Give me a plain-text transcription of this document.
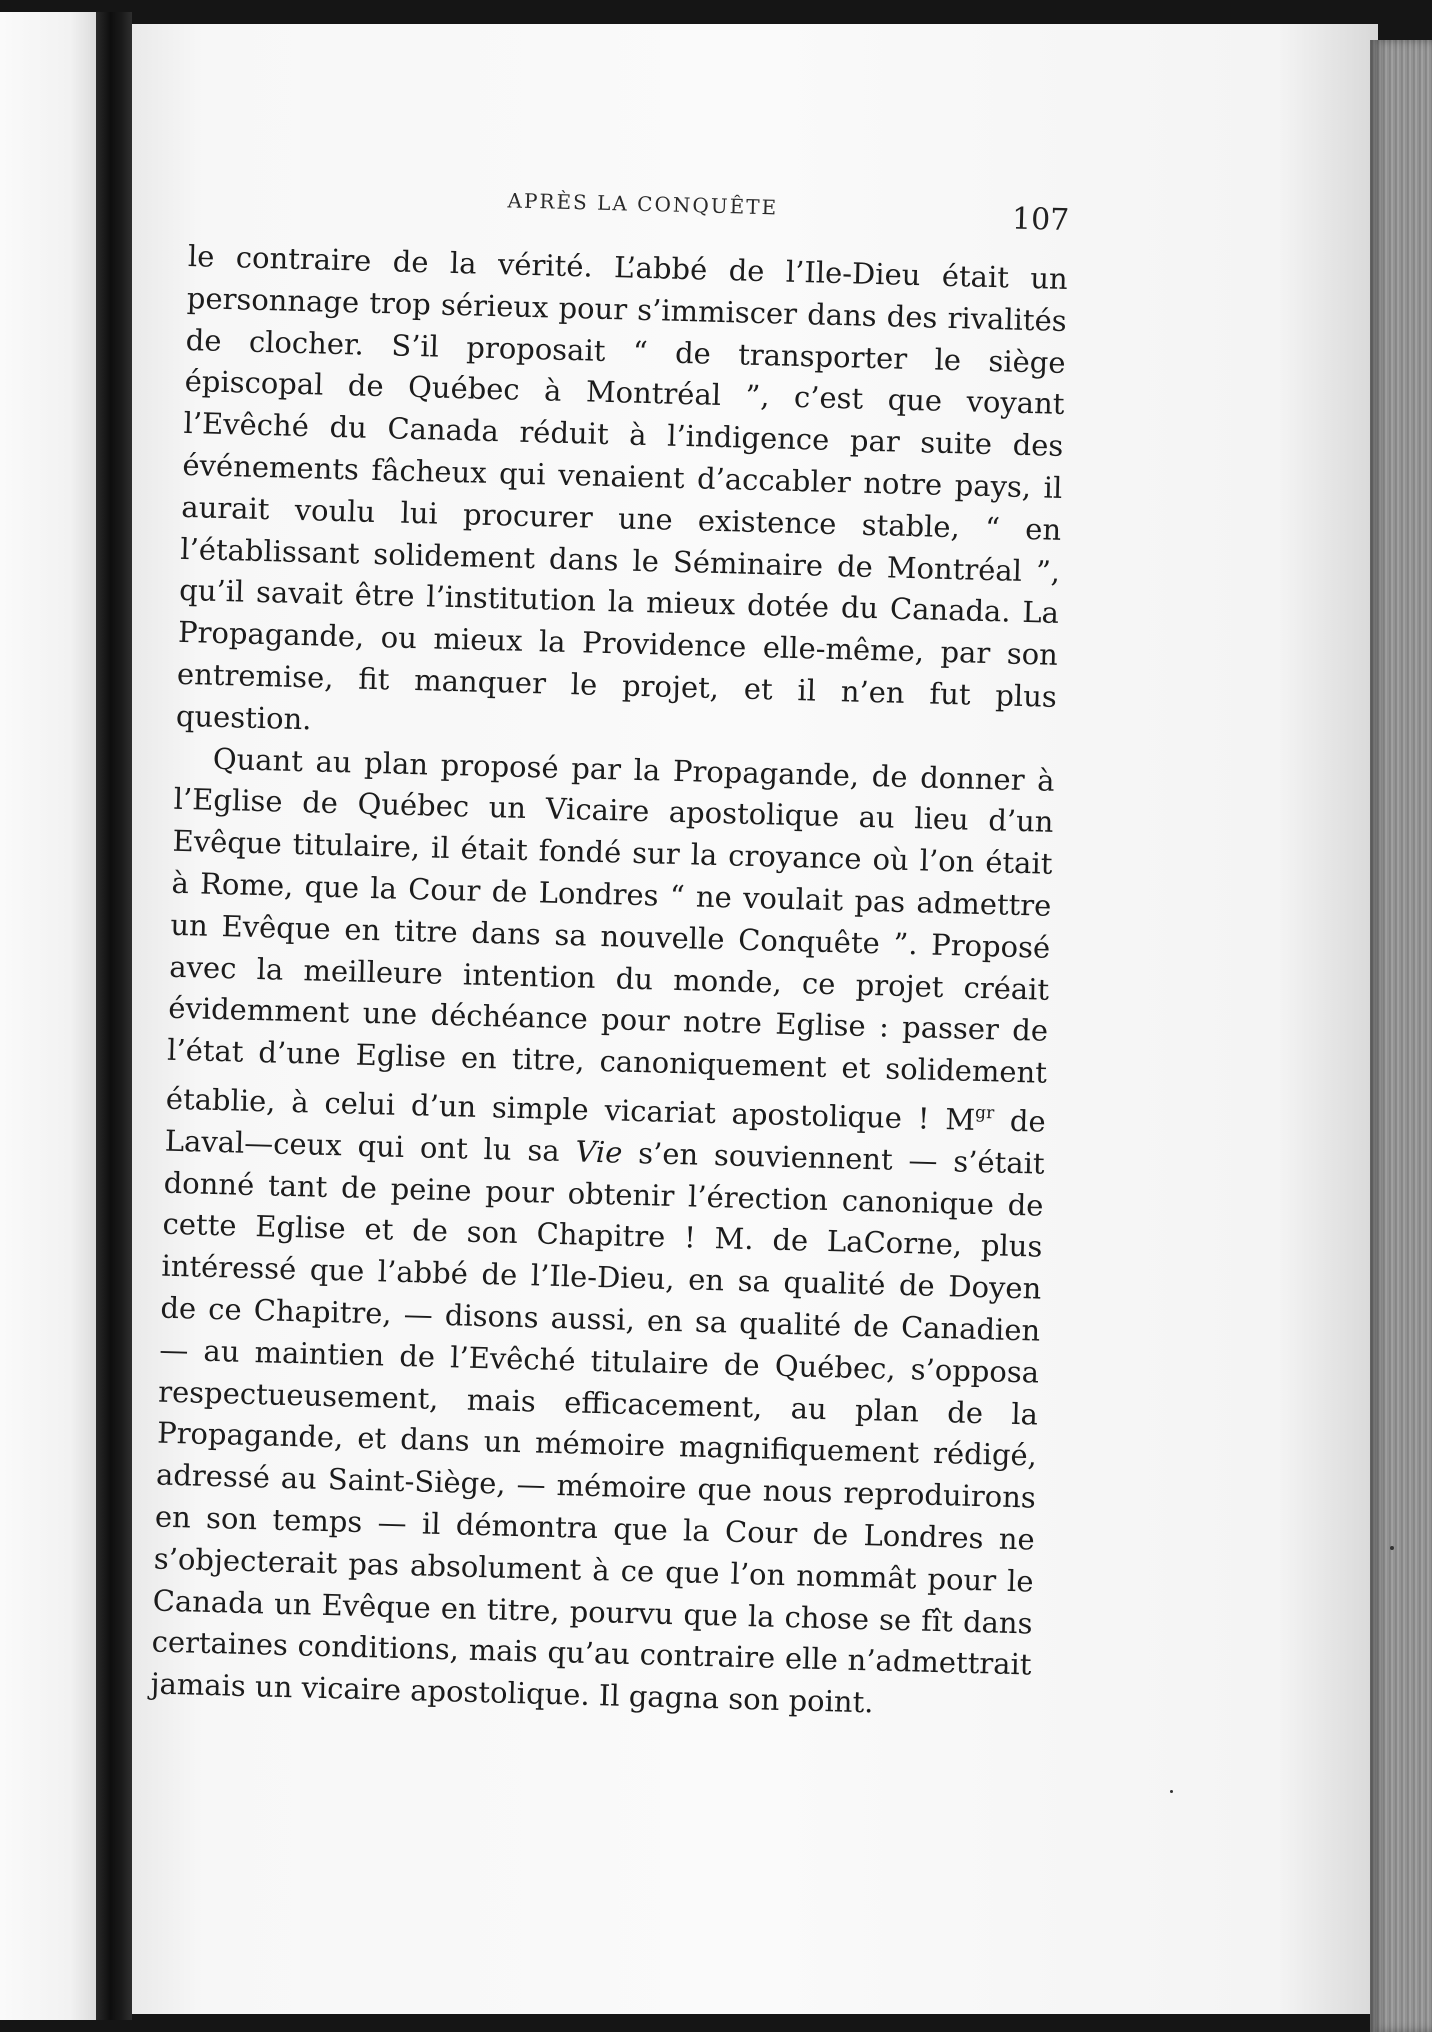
APRÈS LA CONQUÊTE	107

le contraire de la vérité. L’abbé de l’Ile-Dieu était un personnage trop sérieux pour s’immiscer dans des rivalités de clocher. S’il proposait “ de transporter le siège épiscopal de Québec à Montréal ”, c’est que voyant l’Evêché du Canada réduit à l’indigence par suite des événements fâcheux qui venaient d’accabler notre pays, il aurait voulu lui procurer une existence stable, “ en l’établissant solidement dans le Séminaire de Montréal ”, qu’il savait être l’institution la mieux dotée du Canada. La Propagande, ou mieux la Providence elle-même, par son entremise, fit manquer le projet, et il n’en fut plus question.

Quant au plan proposé par la Propagande, de donner à l’Eglise de Québec un Vicaire apostolique au lieu d’un Evêque titulaire, il était fondé sur la croyance où l’on était à Rome, que la Cour de Londres “ ne voulait pas admettre un Evêque en titre dans sa nouvelle Conquête ”. Proposé avec la meilleure intention du monde, ce projet créait évidemment une déchéance pour notre Eglise : passer de l’état d’une Eglise en titre, canoniquement et solidement établie, à celui d’un simple vicariat apostolique ! $M^{gr}$ de Laval—ceux qui ont lu sa Vie s’en souviennent — s’était donné tant de peine pour obtenir l’érection canonique de cette Eglise et de son Chapitre ! M. de LaCorne, plus intéressé que l’abbé de l’Ile-Dieu, en sa qualité de Doyen de ce Chapitre, — disons aussi, en sa qualité de Canadien — au maintien de l’Evêché titulaire de Québec, s’opposa respectueusement, mais efficacement, au plan de la Propagande, et dans un mémoire magnifiquement rédigé, adressé au Saint-Siège, — mémoire que nous reproduirons en son temps — il démontra que la Cour de Londres ne s’objecterait pas absolument à ce que l’on nommât pour le Canada un Evêque en titre, pourvu que la chose se fît dans certaines conditions, mais qu’au contraire elle n’admettrait jamais un vicaire apostolique. Il gagna son point.
